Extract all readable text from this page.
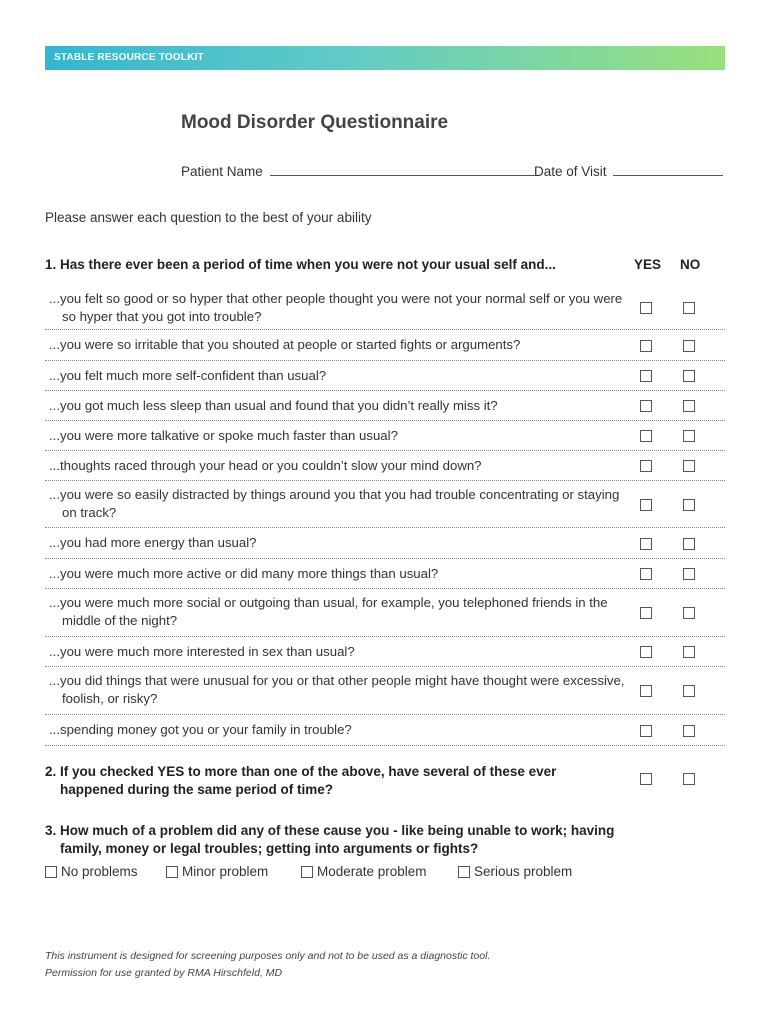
STABLE RESOURCE TOOLKIT
Mood Disorder Questionnaire
Patient Name	Date of Visit
Please answer each question to the best of your ability
1. Has there ever been a period of time when you were not your usual self and...	YES NO
...you felt so good or so hyper that other people thought you were not your normal self or you were so hyper that you got into trouble?
...you were so irritable that you shouted at people or started fights or arguments?
...you felt much more self-confident than usual?
...you got much less sleep than usual and found that you didn’t really miss it?
...you were more talkative or spoke much faster than usual?
...thoughts raced through your head or you couldn’t slow your mind down?
...you were so easily distracted by things around you that you had trouble concentrating or staying on track?
...you had more energy than usual?
...you were much more active or did many more things than usual?
...you were much more social or outgoing than usual, for example, you telephoned friends in the middle of the night?
...you were much more interested in sex than usual?
...you did things that were unusual for you or that other people might have thought were excessive, foolish, or risky?
...spending money got you or your family in trouble?
2. If you checked YES to more than one of the above, have several of these ever happened during the same period of time?
3. How much of a problem did any of these cause you - like being unable to work; having family, money or legal troubles; getting into arguments or fights?
No problems	Minor problem	Moderate problem	Serious problem
This instrument is designed for screening purposes only and not to be used as a diagnostic tool.
Permission for use granted by RMA Hirschfeld, MD
